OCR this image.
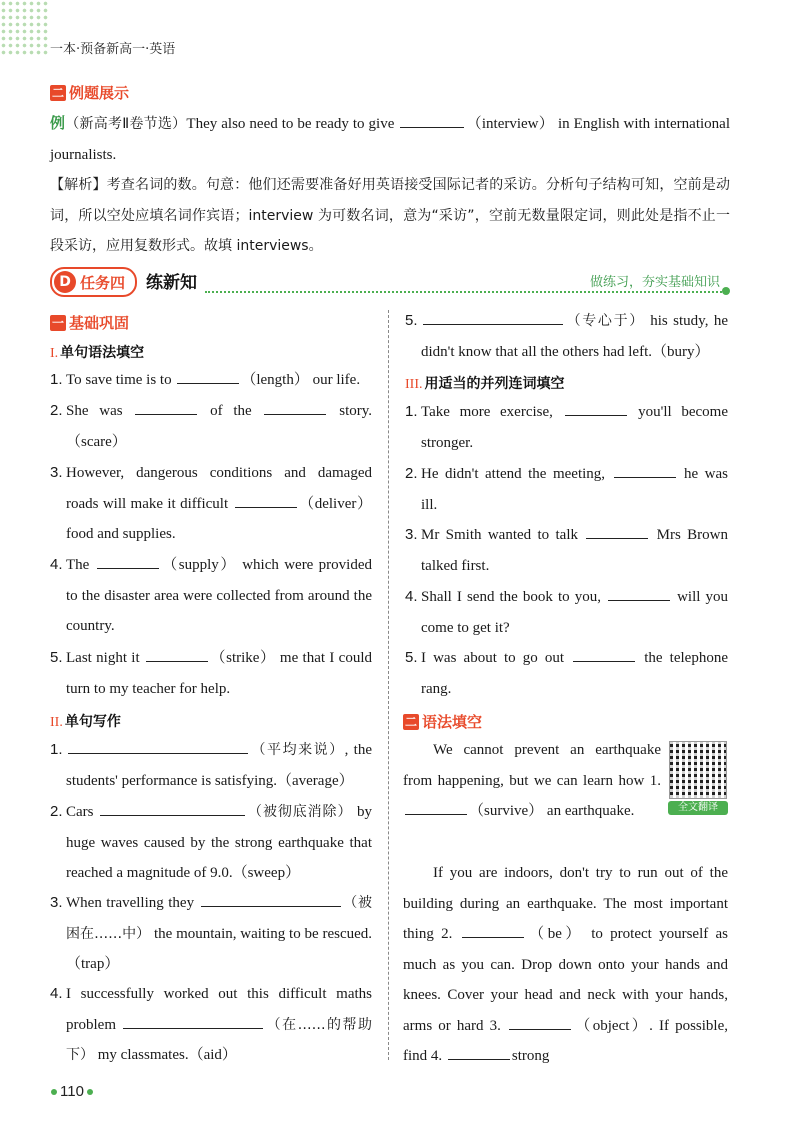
一本·预备新高一·英语
二 例题展示
例（新高考Ⅱ卷节选）They also need to be ready to give	（interview） in English with international journalists.
【解析】考查名词的数。句意：他们还需要准备好用英语接受国际记者的采访。分析句子结构可知，空前是动词，所以空处应填名词作宾语；interview 为可数名词，意为“采访”，空前无数量限定词，则此处是指不止一段采访，应用复数形式。故填 interviews。
D 任务四 练新知	做练习，夯实基础知识
一 基础巩固
I. 单句语法填空
1. To save time is to	（length） our life.
2. She was	of the	story.（scare）
3. However, dangerous conditions and damaged roads will make it difficult	（deliver） food and supplies.
4. The	（supply） which were provided to the disaster area were collected from around the country.
5. Last night it	（strike） me that I could turn to my teacher for help.
II. 单句写作
1.	（平均来说）, the students' performance is satisfying.（average）
2. Cars	（被彻底消除） by huge waves caused by the strong earthquake that reached a magnitude of 9.0.（sweep）
3. When travelling they	（被困在……中） the mountain, waiting to be rescued.（trap）
4. I successfully worked out this difficult maths problem	（在……的帮助下） my classmates.（aid）
5.	（专心于） his study, he didn't know that all the others had left.（bury）
III. 用适当的并列连词填空
1. Take more exercise,	you'll become stronger.
2. He didn't attend the meeting,	he was ill.
3. Mr Smith wanted to talk	Mrs Brown talked first.
4. Shall I send the book to you,	will you come to get it?
5. I was about to go out	the telephone rang.
二 语法填空
全文翻译
We cannot prevent an earthquake from happening, but we can learn how 1. （survive） an earthquake.
If you are indoors, don't try to run out of the building during an earthquake. The most important thing 2.	（be） to protect yourself as much as you can. Drop down onto your hands and knees. Cover your head and neck with your hands, arms or hard 3.	（object）. If possible, find 4.	strong
110
